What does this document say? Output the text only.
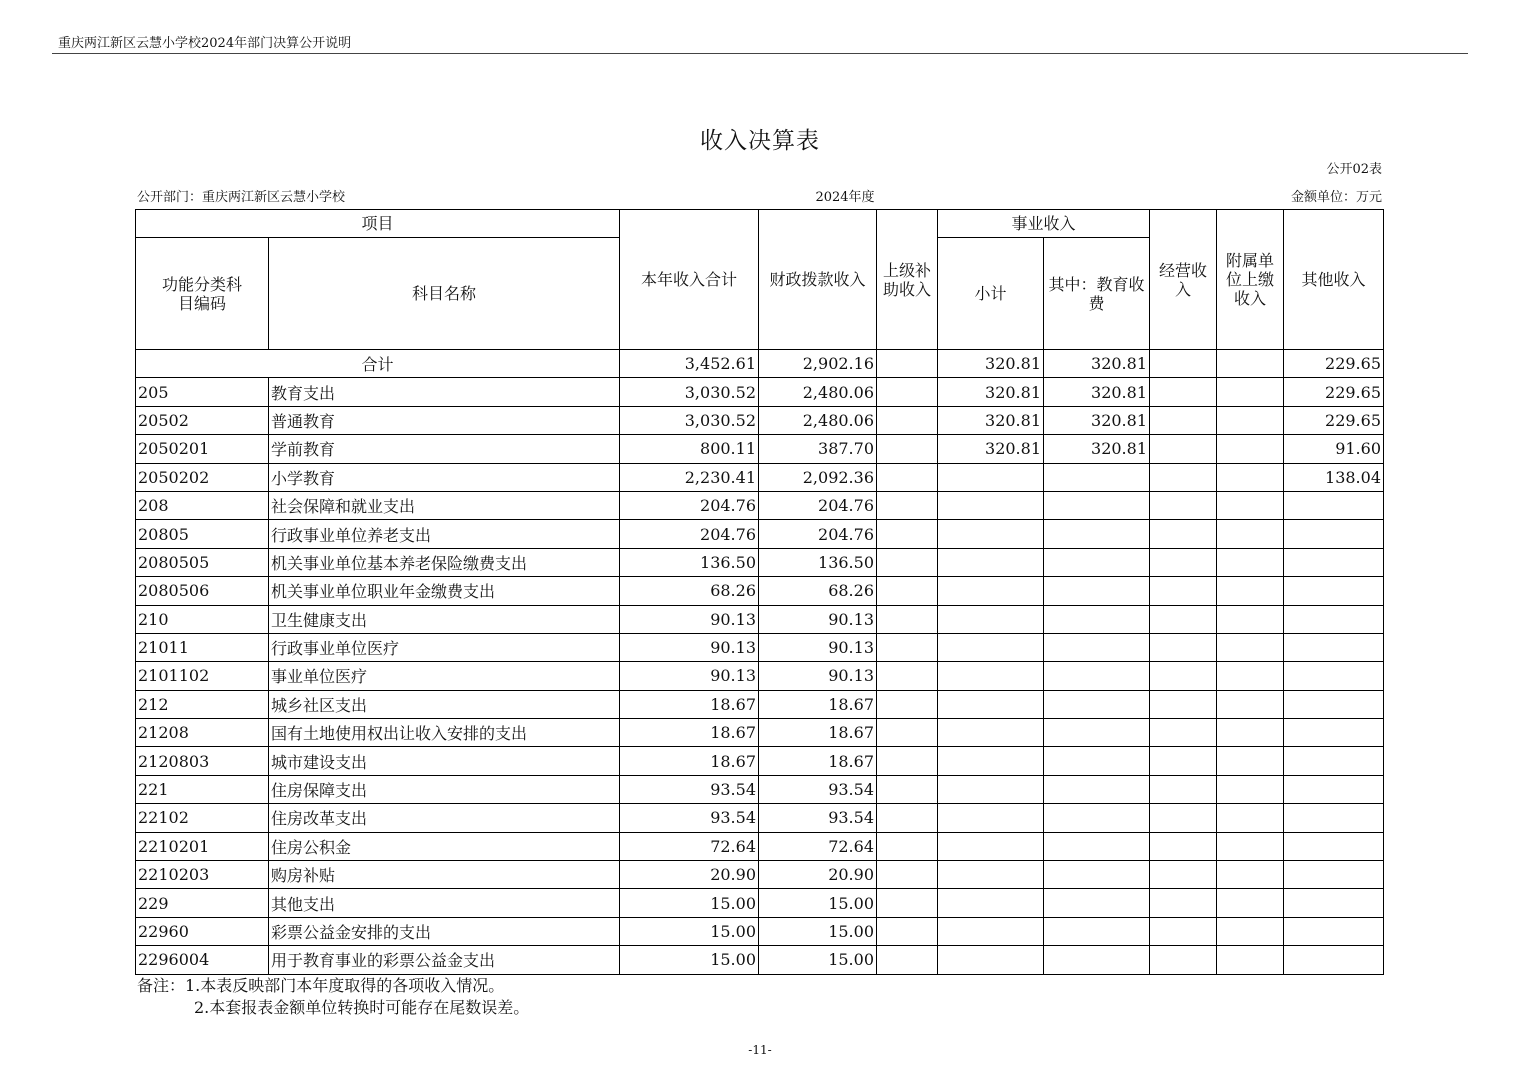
重庆两江新区云慧小学校2024年部门决算公开说明
收入决算表
公开02表
公开部门：重庆两江新区云慧小学校	2024年度	金额单位：万元
项目		本年收入合计	财政拨款收入	上级补助收入	事业收入		经营收入	附属单位上缴收入	其他收入
功能分类科目编码	科目名称				小计	其中：教育收费			
合计		3,452.61	2,902.16		320.81	320.81			229.65
205	教育支出	3,030.52	2,480.06		320.81	320.81			229.65
20502	普通教育	3,030.52	2,480.06		320.81	320.81			229.65
2050201	学前教育	800.11	387.70		320.81	320.81			91.60
2050202	小学教育	2,230.41	2,092.36						138.04
208	社会保障和就业支出	204.76	204.76						
20805	行政事业单位养老支出	204.76	204.76						
2080505	机关事业单位基本养老保险缴费支出	136.50	136.50						
2080506	机关事业单位职业年金缴费支出	68.26	68.26						
210	卫生健康支出	90.13	90.13						
21011	行政事业单位医疗	90.13	90.13						
2101102	事业单位医疗	90.13	90.13						
212	城乡社区支出	18.67	18.67						
21208	国有土地使用权出让收入安排的支出	18.67	18.67						
2120803	城市建设支出	18.67	18.67						
221	住房保障支出	93.54	93.54						
22102	住房改革支出	93.54	93.54						
2210201	住房公积金	72.64	72.64						
2210203	购房补贴	20.90	20.90						
229	其他支出	15.00	15.00						
22960	彩票公益金安排的支出	15.00	15.00						
2296004	用于教育事业的彩票公益金支出	15.00	15.00						
备注：1.本表反映部门本年度取得的各项收入情况。
2.本套报表金额单位转换时可能存在尾数误差。
-11-
